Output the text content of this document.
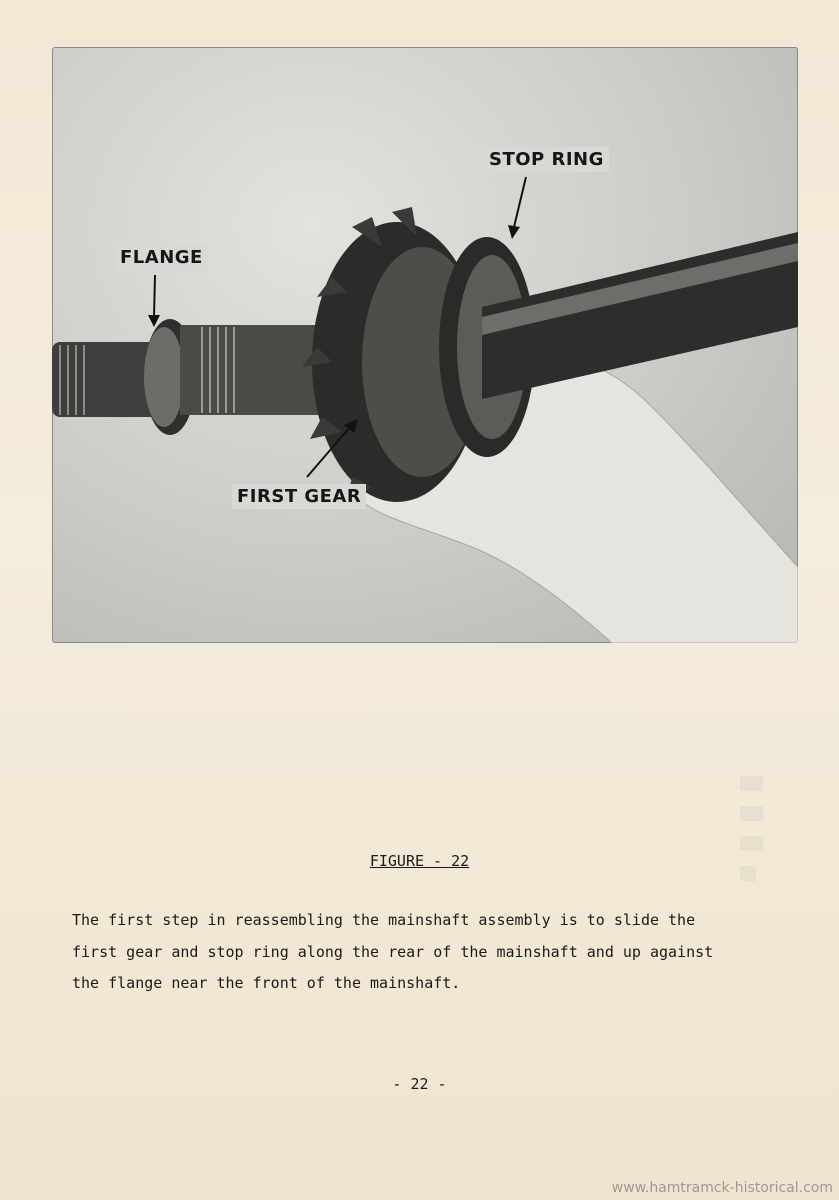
STOP RING
FLANGE
FIRST GEAR
▒▒▒
▒▒▒
▒▒▒
▒▒
FIGURE - 22
The first step in reassembling the mainshaft assembly is to slide the
first gear and stop ring along the rear of the mainshaft and up against
the flange near the front of the mainshaft.
- 22 -
www.hamtramck-historical.com
